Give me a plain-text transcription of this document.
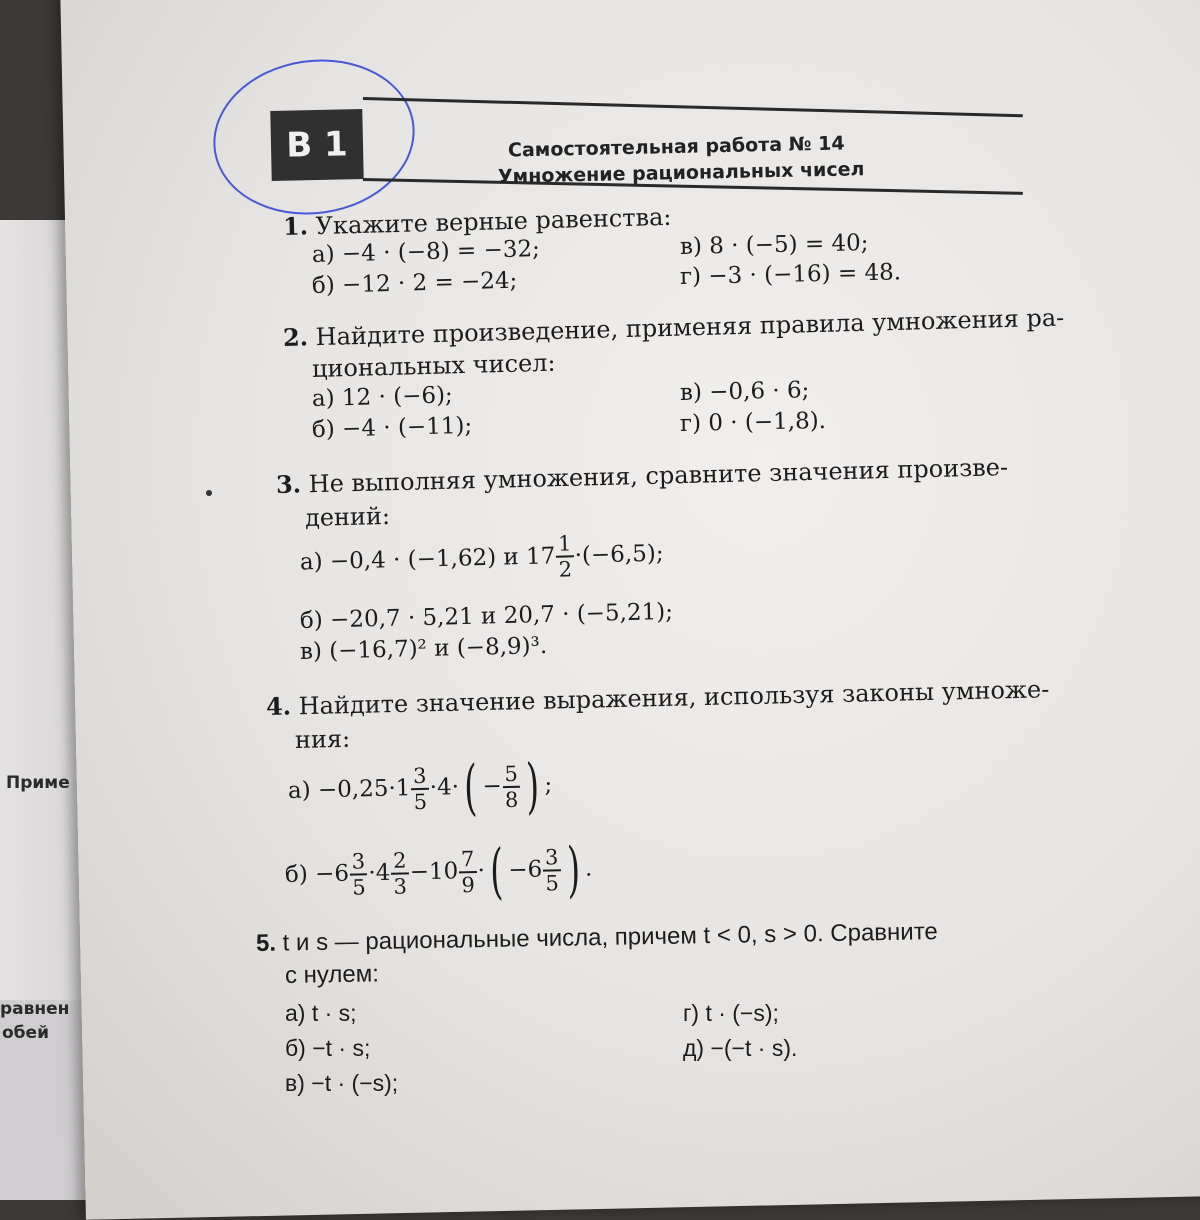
Приме
равнен
обей
B 1	Самостоятельная работа № 14
Умножение рациональных чисел
1. Укажите верные равенства:
а) −4 · (−8) = −32;
б) −12 · 2 = −24;
в) 8 · (−5) = 40;
г) −3 · (−16) = 48.
2. Найдите произведение, применяя правила умножения ра-
циональных чисел:
а) 12 · (−6);
б) −4 · (−11);
в) −0,6 · 6;
г) 0 · (−1,8).
3. Не выполняя умножения, сравните значения произве-
дений:
а) −0,4 · (−1,62) и $17 \frac{1}{2} \cdot(-6,5)$;
б) −20,7 · 5,21 и 20,7 · (−5,21);
в) (−16,7)² и (−8,9)³.
4. Найдите значение выражения, используя законы умноже-
ния:
$а) -0,25\cdot 1 \frac{3}{5} \cdot 4\cdot( - \frac{5}{8}$ ) ;
$б) -6 \frac{3}{5} \cdot 4 \frac{2}{3} -10 \frac{7}{9}$ ·( $-6 \frac{3}{5}$ ) .
5. t и s — рациональные числа, причем t < 0, s > 0. Сравните
с нулем:
а) t · s;
б) −t · s;
в) −t · (−s);
г) t · (−s);
д) −(−t · s).
